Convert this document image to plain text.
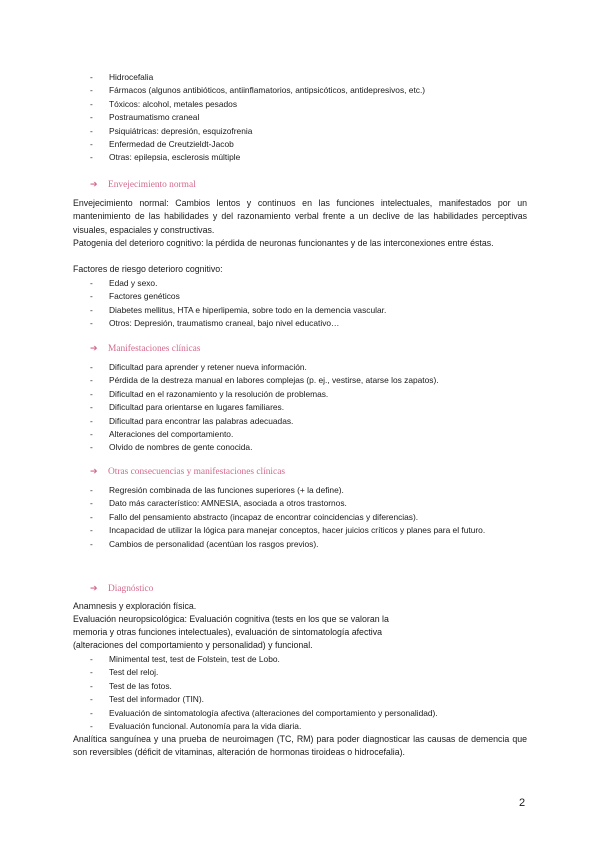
- Hidrocefalia
- Fármacos (algunos antibióticos, antiinflamatorios, antipsicóticos, antidepresivos, etc.)
- Tóxicos: alcohol, metales pesados
- Postraumatismo craneal
- Psiquiátricas: depresión, esquizofrenia
- Enfermedad de Creutzieldt-Jacob
- Otras: epilepsia, esclerosis múltiple
➔ Envejecimiento normal
Envejecimiento normal: Cambios lentos y continuos en las funciones intelectuales, manifestados por un mantenimiento de las habilidades y del razonamiento verbal frente a un declive de las habilidades perceptivas visuales, espaciales y constructivas.
Patogenia del deterioro cognitivo: la pérdida de neuronas funcionantes y de las interconexiones entre éstas.
Factores de riesgo deterioro cognitivo:
- Edad y sexo.
- Factores genéticos
- Diabetes mellitus, HTA e hiperlipemia, sobre todo en la demencia vascular.
- Otros: Depresión, traumatismo craneal, bajo nivel educativo…
➔ Manifestaciones clínicas
- Dificultad para aprender y retener nueva información.
- Pérdida de la destreza manual en labores complejas (p. ej., vestirse, atarse los zapatos).
- Dificultad en el razonamiento y la resolución de problemas.
- Dificultad para orientarse en lugares familiares.
- Dificultad para encontrar las palabras adecuadas.
- Alteraciones del comportamiento.
- Olvido de nombres de gente conocida.
➔ Otras consecuencias y manifestaciones clínicas
- Regresión combinada de las funciones superiores (+ la define).
- Dato más característico: AMNESIA, asociada a otros trastornos.
- Fallo del pensamiento abstracto (incapaz de encontrar coincidencias y diferencias).
- Incapacidad de utilizar la lógica para manejar conceptos, hacer juicios críticos y planes para el futuro.
- Cambios de personalidad (acentúan los rasgos previos).
➔ Diagnóstico
Anamnesis y exploración física.
Evaluación neuropsicológica: Evaluación cognitiva (tests en los que se valoran la
memoria y otras funciones intelectuales), evaluación de sintomatología afectiva
(alteraciones del comportamiento y personalidad) y funcional.
- Minimental test, test de Folstein, test de Lobo.
- Test del reloj.
- Test de las fotos.
- Test del informador (TIN).
- Evaluación de sintomatología afectiva (alteraciones del comportamiento y personalidad).
- Evaluación funcional. Autonomía para la vida diaria.
Analítica sanguínea y una prueba de neuroimagen (TC, RM) para poder diagnosticar las causas de demencia que son reversibles (déficit de vitaminas, alteración de hormonas tiroideas o hidrocefalia).
2
